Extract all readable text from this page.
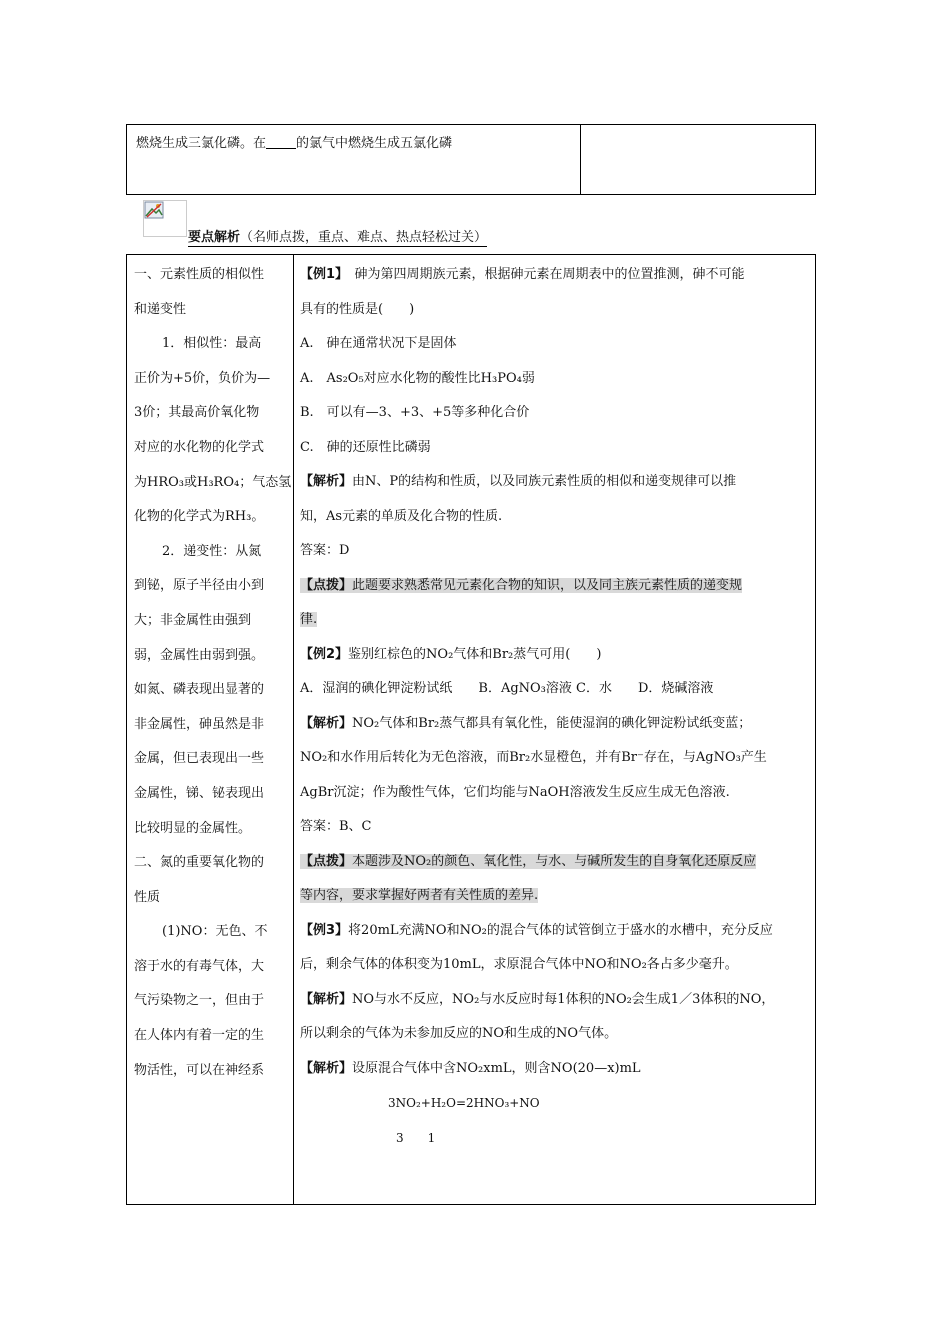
燃烧生成三氯化磷。在 的氯气中燃烧生成五氯化磷
要点解析（名师点拨，重点、难点、热点轻松过关）
一、元素性质的相似性
和递变性
1．相似性：最高
正价为+5价，负价为—
3价；其最高价氧化物
对应的水化物的化学式
为HRO₃或H₃RO₄；气态氢
化物的化学式为RH₃。
2．递变性：从氮
到铋，原子半径由小到
大；非金属性由强到
弱，金属性由弱到强。
如氮、磷表现出显著的
非金属性，砷虽然是非
金属，但已表现出一些
金属性，锑、铋表现出
比较明显的金属性。
二、氮的重要氧化物的
性质
(1)NO：无色、不
溶于水的有毒气体，大
气污染物之一，但由于
在人体内有着一定的生
物活性，可以在神经系
【例1】　砷为第四周期族元素，根据砷元素在周期表中的位置推测，砷不可能
具有的性质是(　　)
A.　砷在通常状况下是固体
A.　As₂O₅对应水化物的酸性比H₃PO₄弱
B.　可以有—3、+3、+5等多种化合价
C.　砷的还原性比磷弱
【解析】由N、P的结构和性质，以及同族元素性质的相似和递变规律可以推
知，As元素的单质及化合物的性质.
答案：D
【点拨】此题要求熟悉常见元素化合物的知识，以及同主族元素性质的递变规
律.
【例2】鉴别红棕色的NO₂气体和Br₂蒸气可用(　　)
A．湿润的碘化钾淀粉试纸　　B．AgNO₃溶液 C．水　　D．烧碱溶液
【解析】NO₂气体和Br₂蒸气都具有氧化性，能使湿润的碘化钾淀粉试纸变蓝；
NO₂和水作用后转化为无色溶液，而Br₂水显橙色，并有Br⁻存在，与AgNO₃产生
AgBr沉淀；作为酸性气体，它们均能与NaOH溶液发生反应生成无色溶液.
答案：B、C
【点拨】本题涉及NO₂的颜色、氧化性，与水、与碱所发生的自身氧化还原反应
等内容，要求掌握好两者有关性质的差异.
【例3】将20mL充满NO和NO₂的混合气体的试管倒立于盛水的水槽中，充分反应
后，剩余气体的体积变为10mL，求原混合气体中NO和NO₂各占多少毫升。
【解析】NO与水不反应，NO₂与水反应时每1体积的NO₂会生成1／3体积的NO，
所以剩余的气体为未参加反应的NO和生成的NO气体。
【解析】设原混合气体中含NO₂xmL，则含NO(20—x)mL
3NO₂+H₂O=2HNO₃+NO
3　　1
